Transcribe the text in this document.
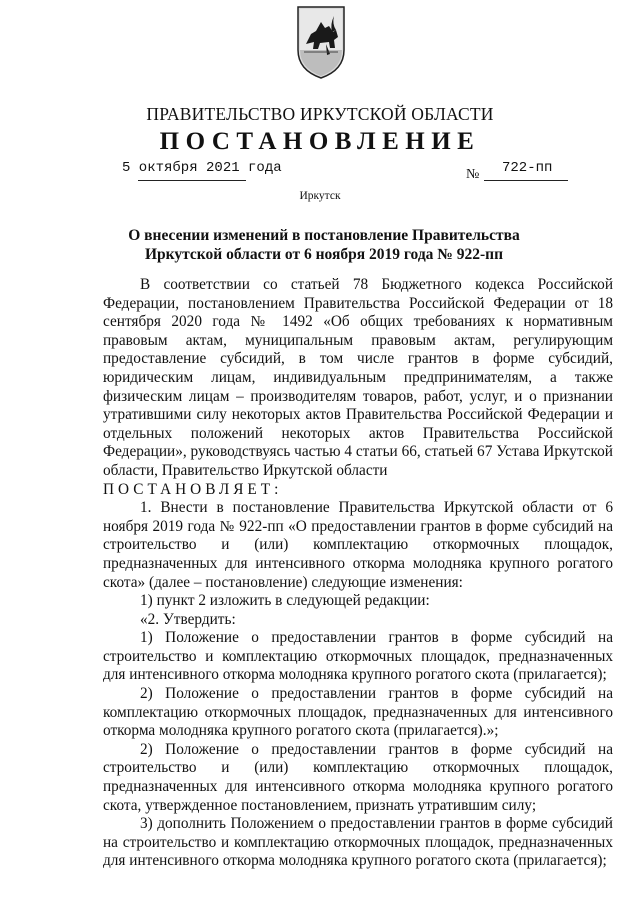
ПРАВИТЕЛЬСТВО ИРКУТСКОЙ ОБЛАСТИ
ПОСТАНОВЛЕНИЕ
5 октября 2021 года	№ 722-пп
Иркутск
О внесении изменений в постановление Правительства Иркутской области от 6 ноября 2019 года № 922-пп

В соответствии со статьей 78 Бюджетного кодекса Российской Федерации, постановлением Правительства Российской Федерации от 18 сентября 2020 года № 1492 «Об общих требованиях к нормативным правовым актам, муниципальным правовым актам, регулирующим предоставление субсидий, в том числе грантов в форме субсидий, юридическим лицам, индивидуальным предпринимателям, а также физическим лицам – производителям товаров, работ, услуг, и о признании утратившими силу некоторых актов Правительства Российской Федерации и отдельных положений некоторых актов Правительства Российской Федерации», руководствуясь частью 4 статьи 66, статьей 67 Устава Иркутской области, Правительство Иркутской области

ПОСТАНОВЛЯЕТ:

1. Внести в постановление Правительства Иркутской области от 6 ноября 2019 года № 922-пп «О предоставлении грантов в форме субсидий на строительство и (или) комплектацию откормочных площадок, предназначенных для интенсивного откорма молодняка крупного рогатого скота» (далее – постановление) следующие изменения:

1) пункт 2 изложить в следующей редакции:

«2. Утвердить:

1) Положение о предоставлении грантов в форме субсидий на строительство и комплектацию откормочных площадок, предназначенных для интенсивного откорма молодняка крупного рогатого скота (прилагается);

2) Положение о предоставлении грантов в форме субсидий на комплектацию откормочных площадок, предназначенных для интенсивного откорма молодняка крупного рогатого скота (прилагается).»;

2) Положение о предоставлении грантов в форме субсидий на строительство и (или) комплектацию откормочных площадок, предназначенных для интенсивного откорма молодняка крупного рогатого скота, утвержденное постановлением, признать утратившим силу;

3) дополнить Положением о предоставлении грантов в форме субсидий на строительство и комплектацию откормочных площадок, предназначенных для интенсивного откорма молодняка крупного рогатого скота (прилагается);
